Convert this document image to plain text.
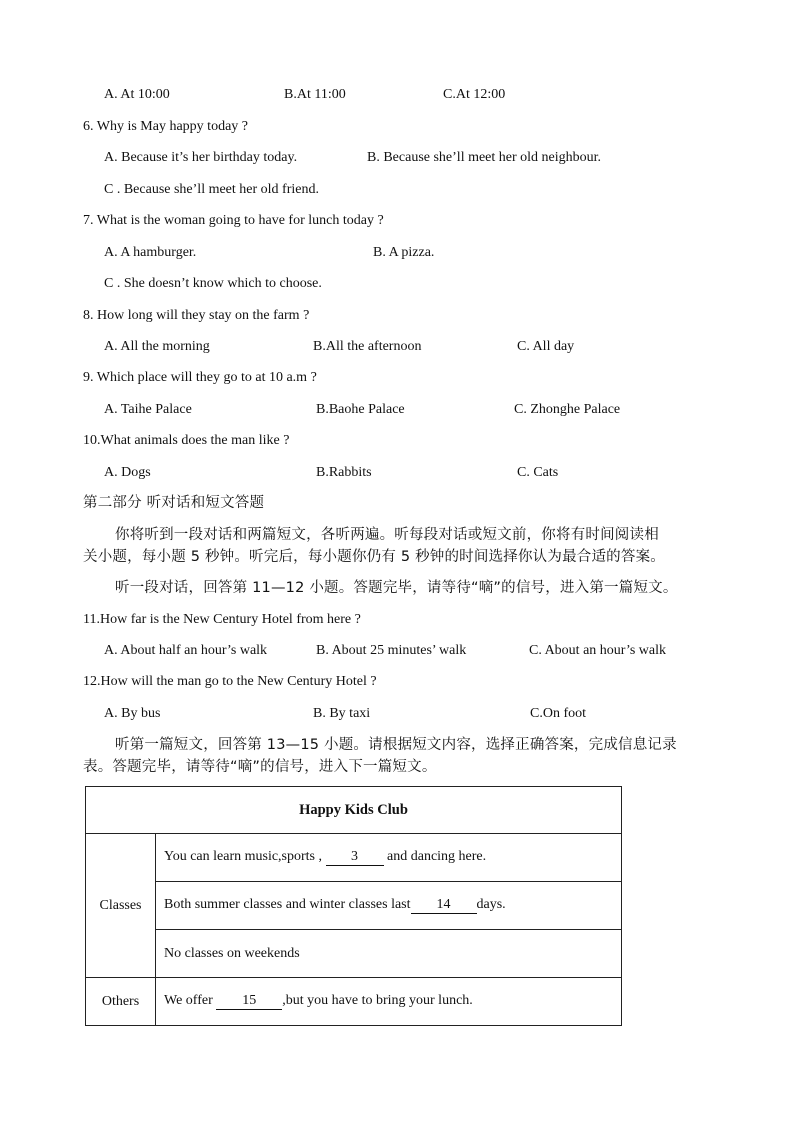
A. At 10:00	B.At 11:00	C.At 12:00
6. Why is May happy today ?
A. Because it’s her birthday today.	B. Because she’ll meet her old neighbour.
C . Because she’ll meet her old friend.
7. What is the woman going to have for lunch today ?
A. A hamburger.	B. A pizza.
C . She doesn’t know which to choose.
8. How long will they stay on the farm ?
A. All the morning	B.All the afternoon	C. All day
9. Which place will they go to at 10 a.m ?
A. Taihe Palace	B.Baohe Palace	C. Zhonghe Palace
10.What animals does the man like ?
A. Dogs	B.Rabbits	C. Cats
第二部分 听对话和短文答题
你将听到一段对话和两篇短文，各听两遍。听每段对话或短文前，你将有时间阅读相
关小题，每小题 5 秒钟。听完后，每小题你仍有 5 秒钟的时间选择你认为最合适的答案。
听一段对话，回答第 11—12 小题。答题完毕，请等待“嘀”的信号，进入第一篇短文。
11.How far is the New Century Hotel from here ?
A. About half an hour’s walk	B. About 25 minutes’ walk	C. About an hour’s walk
12.How will the man go to the New Century Hotel ?
A. By bus	B. By taxi	C.On foot
听第一篇短文，回答第 13—15 小题。请根据短文内容，选择正确答案，完成信息记录
表。答题完毕，请等待“嘀”的信号，进入下一篇短文。
Happy Kids Club	
Classes	You can learn music,sports , 3 and dancing here.
	Both summer classes and winter classes last 14 days.
	No classes on weekends
Others	We offer 15 ,but you have to bring your lunch.
